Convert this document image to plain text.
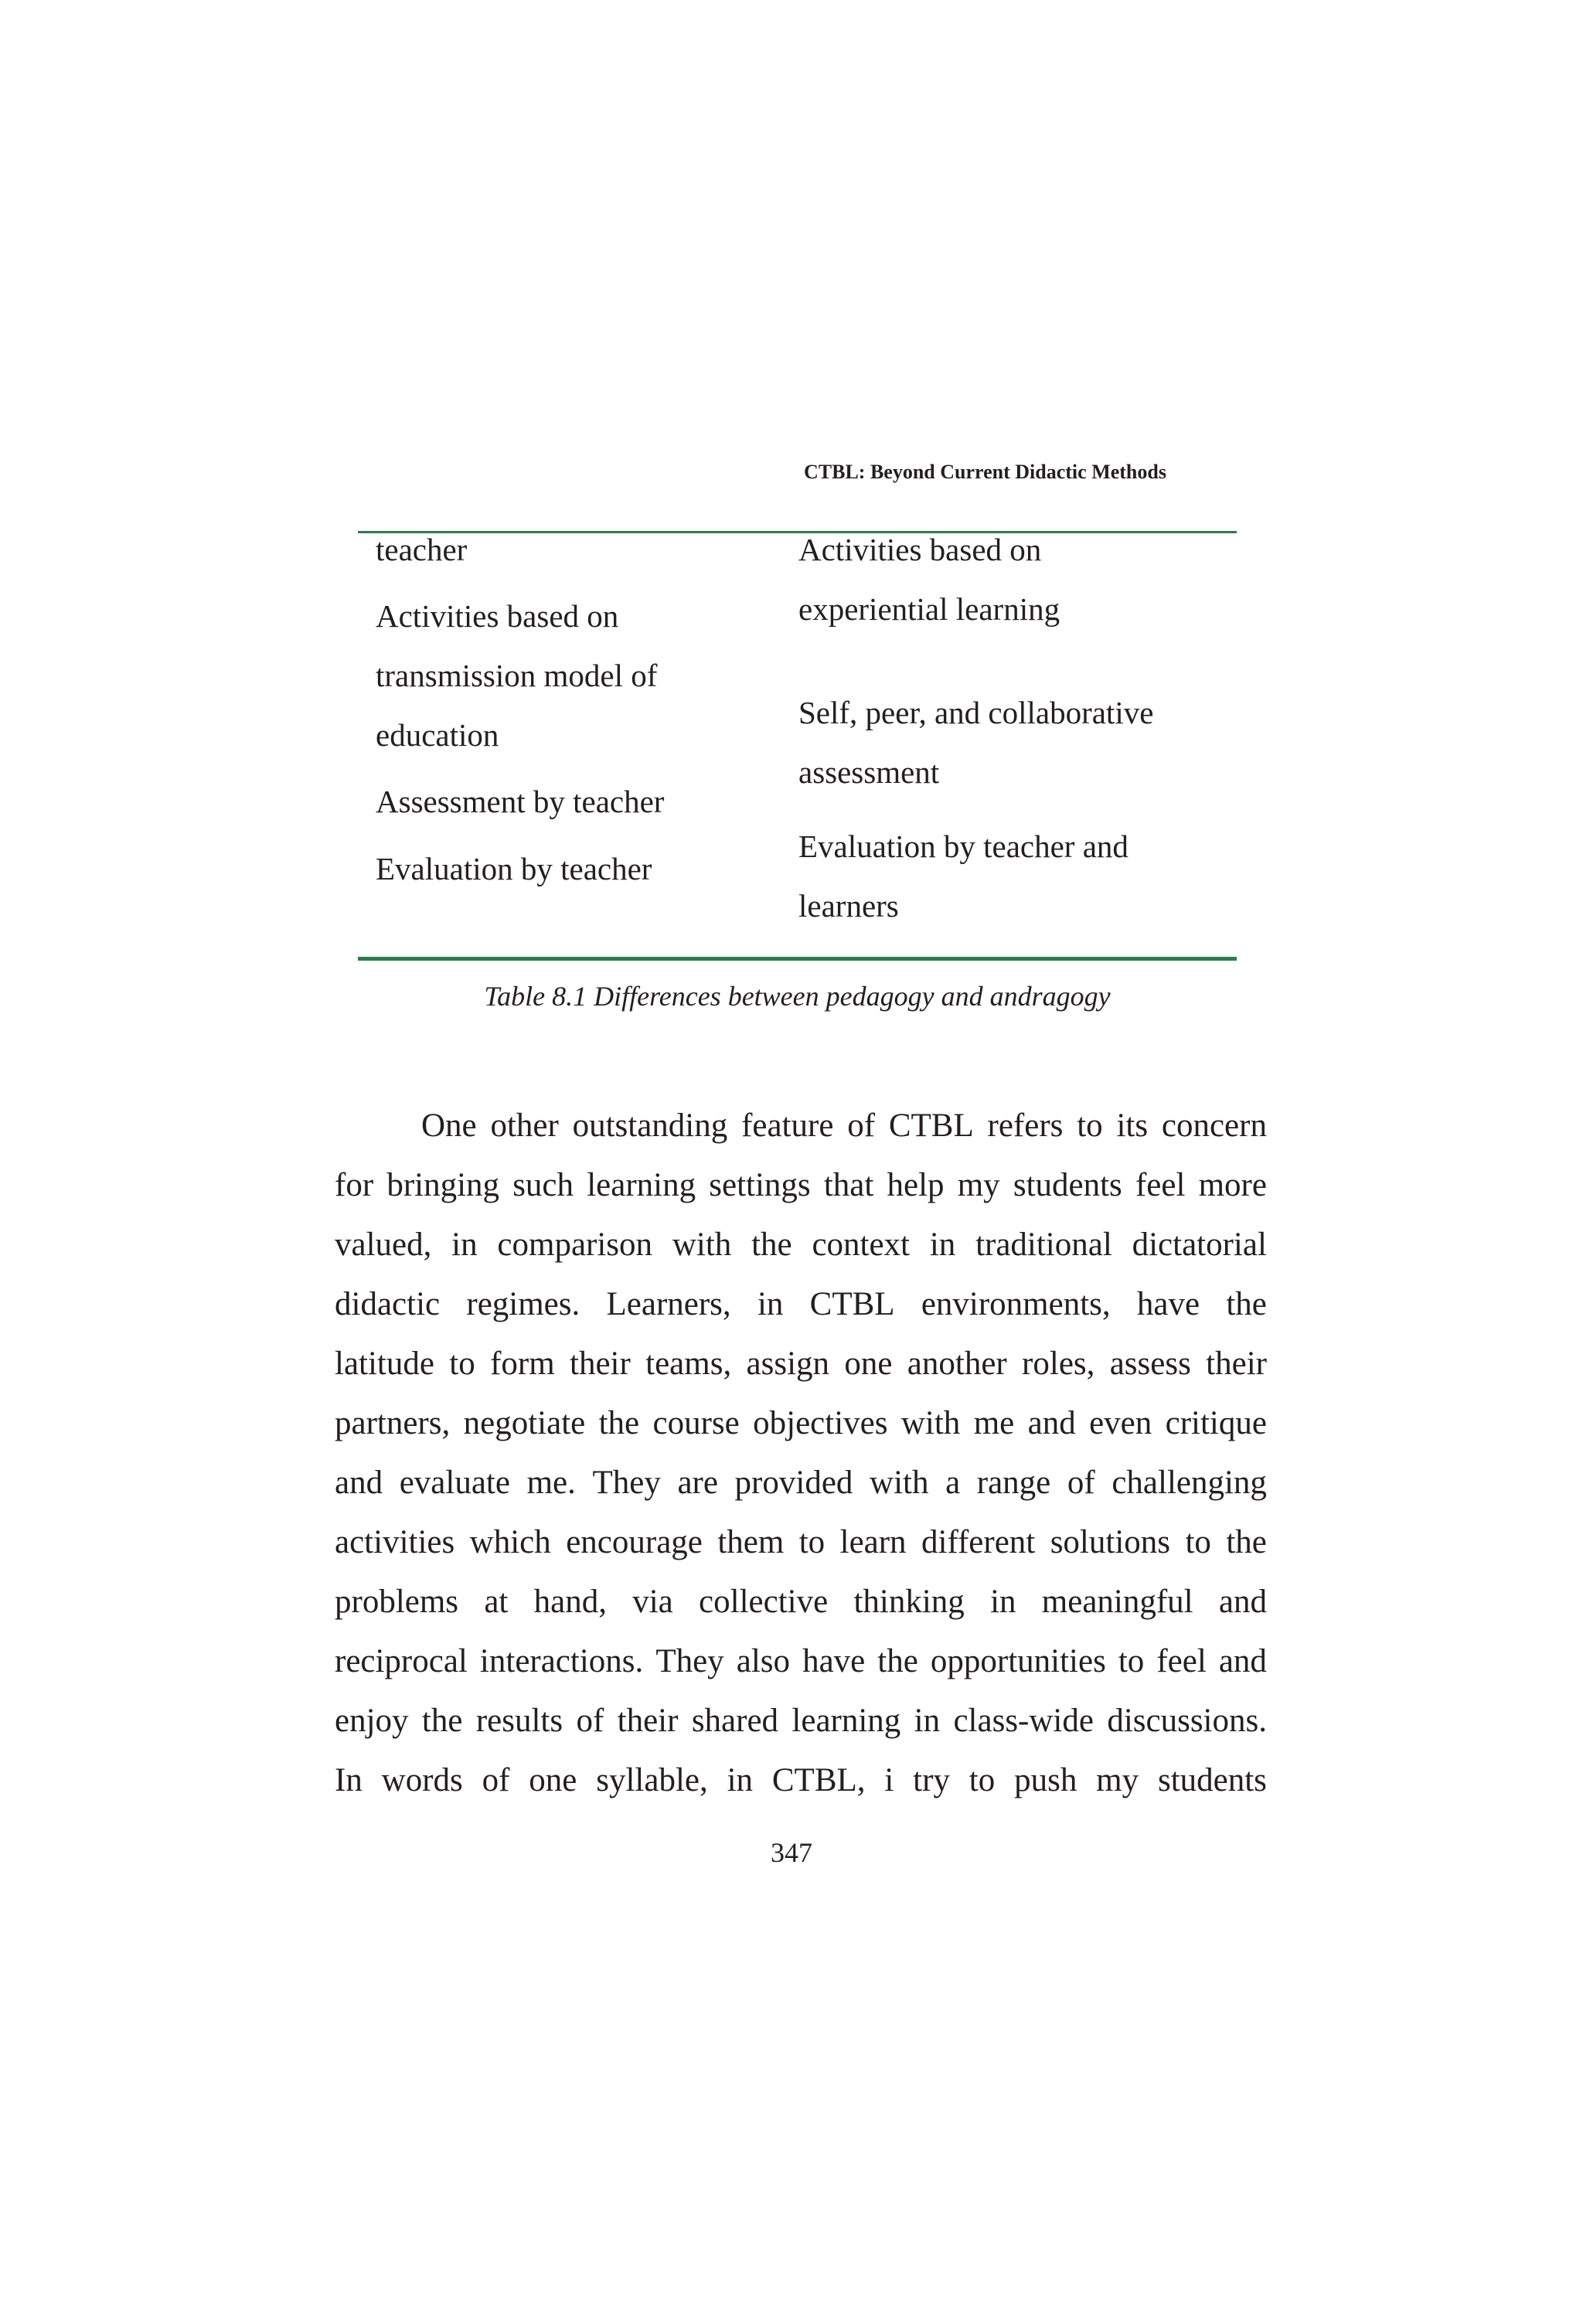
CTBL: Beyond Current Didactic Methods
teacher
Activities based on
transmission model of
education
Assessment by teacher
Evaluation by teacher
Activities based on
experiential learning
Self, peer, and collaborative
assessment
Evaluation by teacher and
learners
Table 8.1 Differences between pedagogy and andragogy
One other outstanding feature of CTBL refers to its concern
for bringing such learning settings that help my students feel more
valued, in comparison with the context in traditional dictatorial
didactic regimes. Learners, in CTBL environments, have the
latitude to form their teams, assign one another roles, assess their
partners, negotiate the course objectives with me and even critique
and evaluate me. They are provided with a range of challenging
activities which encourage them to learn different solutions to the
problems at hand, via collective thinking in meaningful and
reciprocal interactions. They also have the opportunities to feel and
enjoy the results of their shared learning in class-wide discussions.
In words of one syllable, in CTBL, i try to push my students
347
